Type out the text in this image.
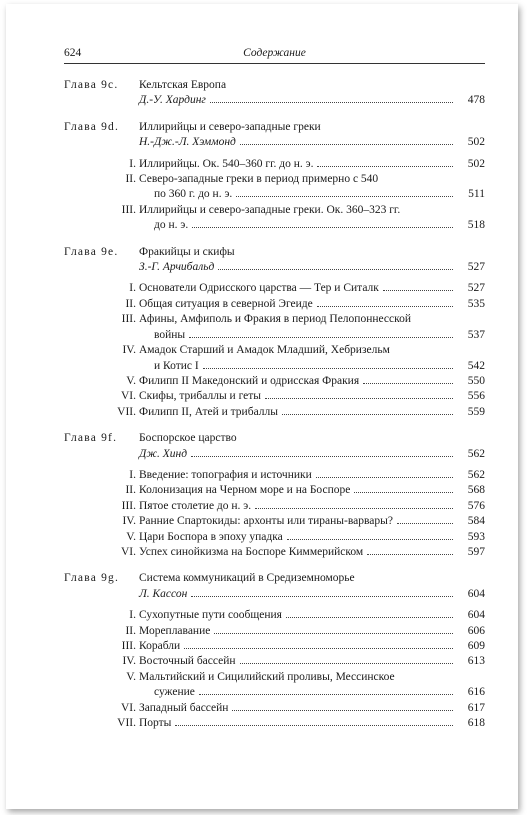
624	Содержание
Глава 9c. Кельтская Европа
Д.-У. Хардинг	478
Глава 9d. Иллирийцы и северо-западные греки
Н.-Дж.-Л. Хэммонд	502
I. Иллирийцы. Ок. 540–360 гг. до н. э.	502
II. Северо-западные греки в период примерно с 540
по 360 г. до н. э.	511
III. Иллирийцы и северо-западные греки. Ок. 360–323 гг.
до н. э.	518
Глава 9e. Фракийцы и скифы
З.-Г. Арчибальд	527
I. Основатели Одрисского царства — Тер и Ситалк	527
II. Общая ситуация в северной Эгеиде	535
III. Афины, Амфиполь и Фракия в период Пелопоннесской
войны	537
IV. Амадок Старший и Амадок Младший, Хебризельм
и Котис I	542
V. Филипп II Македонский и одрисская Фракия	550
VI. Скифы, трибаллы и геты	556
VII. Филипп II, Атей и трибаллы	559
Глава 9f. Боспорское царство
Дж. Хинд	562
I. Введение: топография и источники	562
II. Колонизация на Черном море и на Боспоре	568
III. Пятое столетие до н. э.	576
IV. Ранние Спартокиды: архонты или тираны-варвары?	584
V. Цари Боспора в эпоху упадка	593
VI. Успех синойкизма на Боспоре Киммерийском	597
Глава 9g. Система коммуникаций в Средиземноморье
Л. Кассон	604
I. Сухопутные пути сообщения	604
II. Мореплавание	606
III. Корабли	609
IV. Восточный бассейн	613
V. Мальтийский и Сицилийский проливы, Мессинское
сужение	616
VI. Западный бассейн	617
VII. Порты	618
